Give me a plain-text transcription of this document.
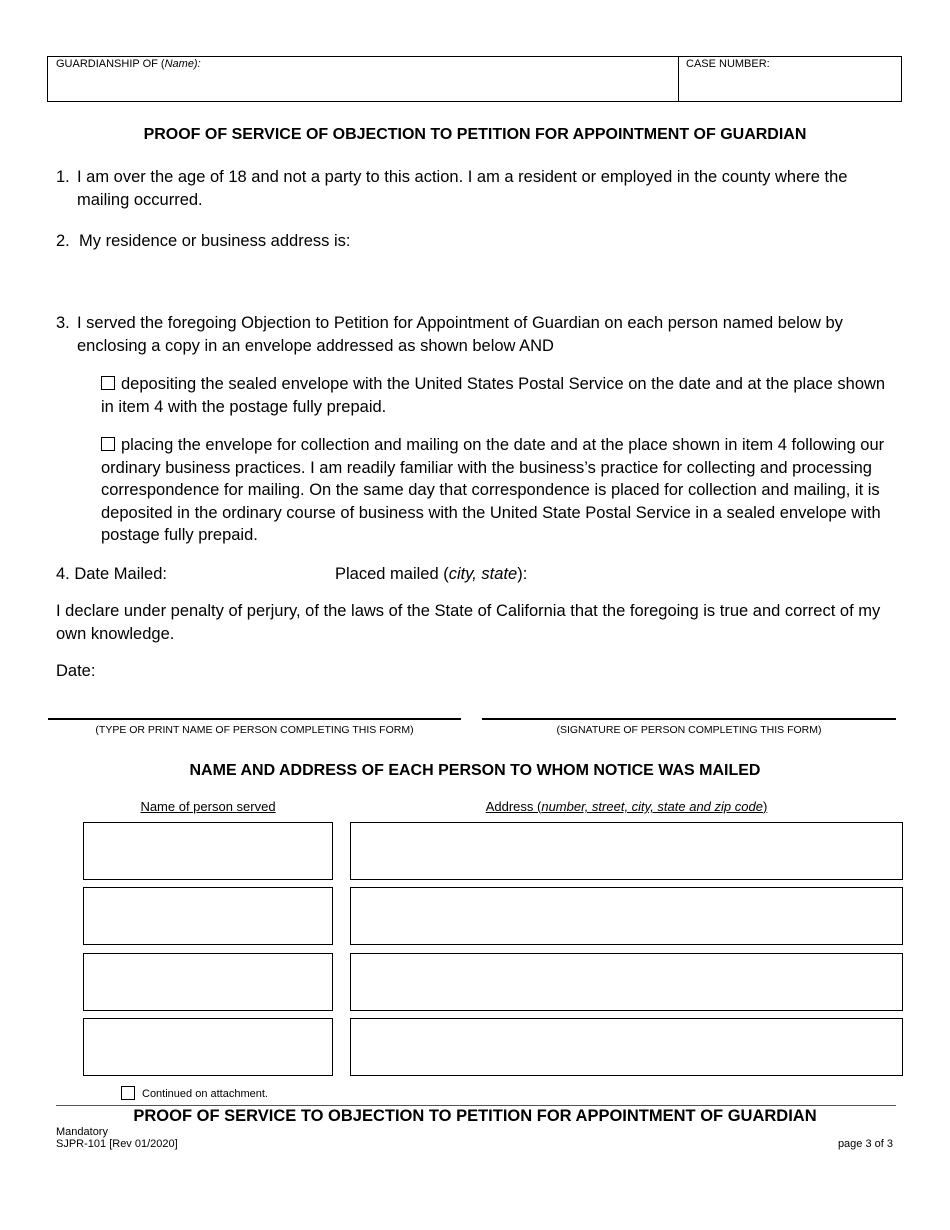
GUARDIANSHIP OF (Name):	CASE NUMBER:
PROOF OF SERVICE OF OBJECTION TO PETITION FOR APPOINTMENT OF GUARDIAN
1. I am over the age of 18 and not a party to this action. I am a resident or employed in the county where the mailing occurred.
2. My residence or business address is:
3. I served the foregoing Objection to Petition for Appointment of Guardian on each person named below by enclosing a copy in an envelope addressed as shown below AND
depositing the sealed envelope with the United States Postal Service on the date and at the place shown in item 4 with the postage fully prepaid.
placing the envelope for collection and mailing on the date and at the place shown in item 4 following our ordinary business practices. I am readily familiar with the business’s practice for collecting and processing correspondence for mailing. On the same day that correspondence is placed for collection and mailing, it is deposited in the ordinary course of business with the United State Postal Service in a sealed envelope with postage fully prepaid.
4. Date Mailed:	Placed mailed (city, state):
I declare under penalty of perjury, of the laws of the State of California that the foregoing is true and correct of my own knowledge.
Date:
(TYPE OR PRINT NAME OF PERSON COMPLETING THIS FORM)	(SIGNATURE OF PERSON COMPLETING THIS FORM)
NAME AND ADDRESS OF EACH PERSON TO WHOM NOTICE WAS MAILED
Name of person served	Address (number, street, city, state and zip code)
Continued on attachment.
PROOF OF SERVICE TO OBJECTION TO PETITION FOR APPOINTMENT OF GUARDIAN
Mandatory
SJPR-101 [Rev 01/2020]	page 3 of 3
